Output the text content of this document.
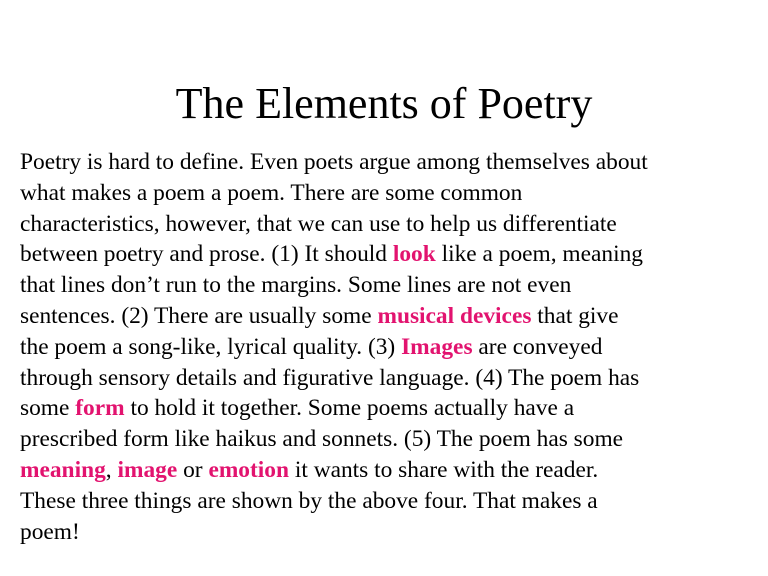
The Elements of Poetry
Poetry is hard to define. Even poets argue among themselves about
what makes a poem a poem. There are some common
characteristics, however, that we can use to help us differentiate
between poetry and prose. (1) It should look like a poem, meaning
that lines don’t run to the margins. Some lines are not even
sentences. (2) There are usually some musical devices that give
the poem a song-like, lyrical quality. (3) Images are conveyed
through sensory details and figurative language. (4) The poem has
some form to hold it together. Some poems actually have a
prescribed form like haikus and sonnets. (5) The poem has some
meaning, image or emotion it wants to share with the reader.
These three things are shown by the above four. That makes a
poem!
